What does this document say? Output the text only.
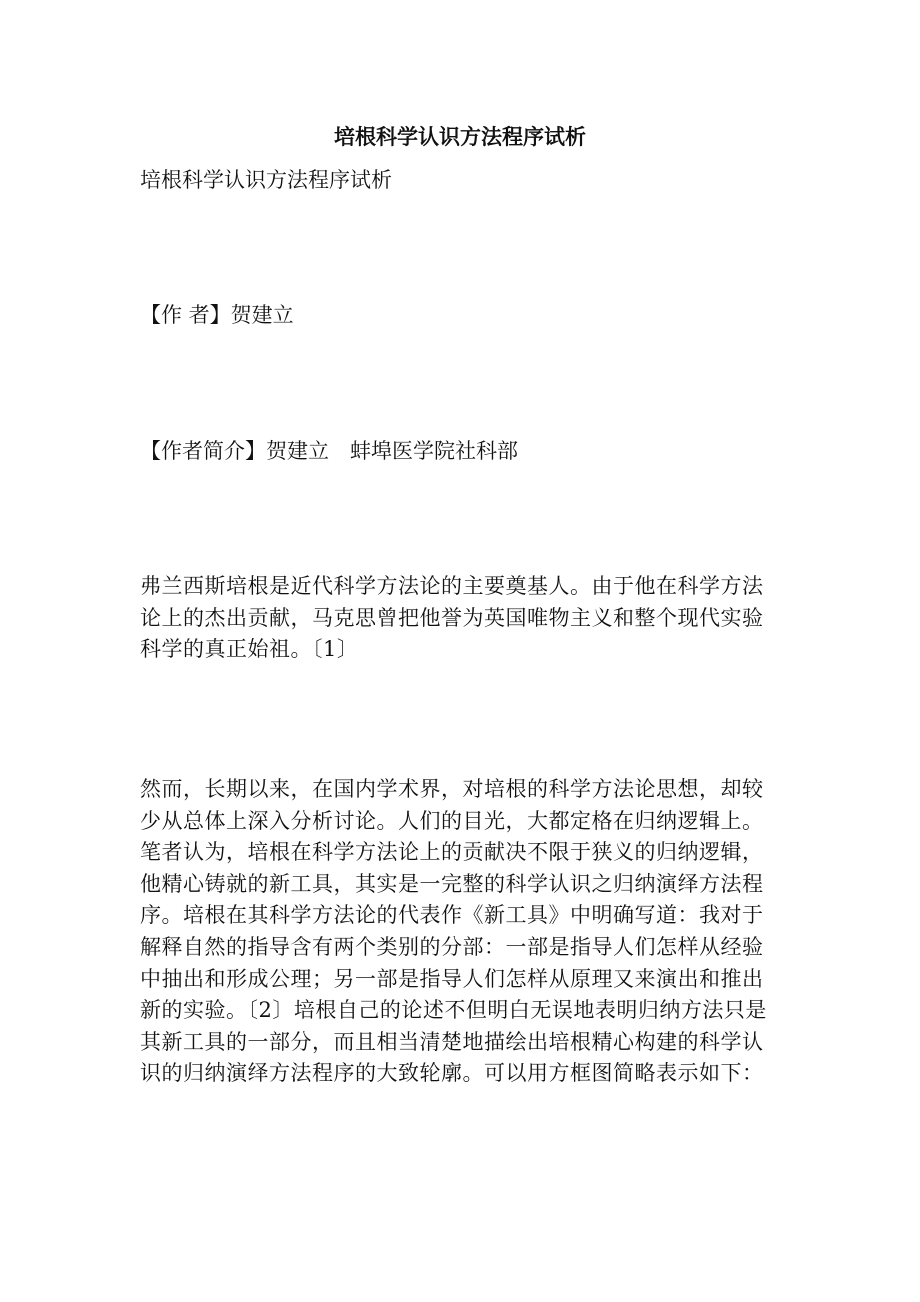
培根科学认识方法程序试析
培根科学认识方法程序试析
【作 者】贺建立
【作者简介】贺建立　蚌埠医学院社科部
弗兰西斯培根是近代科学方法论的主要奠基人。由于他在科学方法论上的杰出贡献，马克思曾把他誉为英国唯物主义和整个现代实验科学的真正始祖。〔1〕
然而，长期以来，在国内学术界，对培根的科学方法论思想，却较少从总体上深入分析讨论。人们的目光，大都定格在归纳逻辑上。笔者认为，培根在科学方法论上的贡献决不限于狭义的归纳逻辑，他精心铸就的新工具，其实是一完整的科学认识之归纳演绎方法程序。培根在其科学方法论的代表作《新工具》中明确写道：我对于解释自然的指导含有两个类别的分部：一部是指导人们怎样从经验中抽出和形成公理；另一部是指导人们怎样从原理又来演出和推出新的实验。〔2〕培根自己的论述不但明白无误地表明归纳方法只是其新工具的一部分，而且相当清楚地描绘出培根精心构建的科学认识的归纳演绎方法程序的大致轮廓。可以用方框图简略表示如下：
